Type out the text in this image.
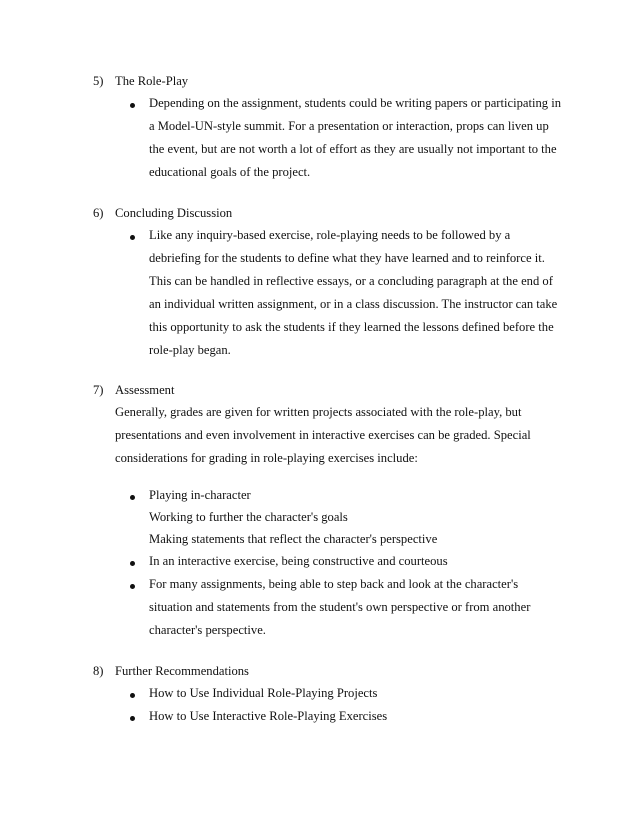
5) The Role-Play
Depending on the assignment, students could be writing papers or participating in
a Model-UN-style summit. For a presentation or interaction, props can liven up
the event, but are not worth a lot of effort as they are usually not important to the
educational goals of the project.
6) Concluding Discussion
Like any inquiry-based exercise, role-playing needs to be followed by a
debriefing for the students to define what they have learned and to reinforce it.
This can be handled in reflective essays, or a concluding paragraph at the end of
an individual written assignment, or in a class discussion. The instructor can take
this opportunity to ask the students if they learned the lessons defined before the
role-play began.
7) Assessment
Generally, grades are given for written projects associated with the role-play, but
presentations and even involvement in interactive exercises can be graded. Special
considerations for grading in role-playing exercises include:
Playing in-character
Working to further the character's goals
Making statements that reflect the character's perspective
In an interactive exercise, being constructive and courteous
For many assignments, being able to step back and look at the character's
situation and statements from the student's own perspective or from another
character's perspective.
8) Further Recommendations
How to Use Individual Role-Playing Projects
How to Use Interactive Role-Playing Exercises
